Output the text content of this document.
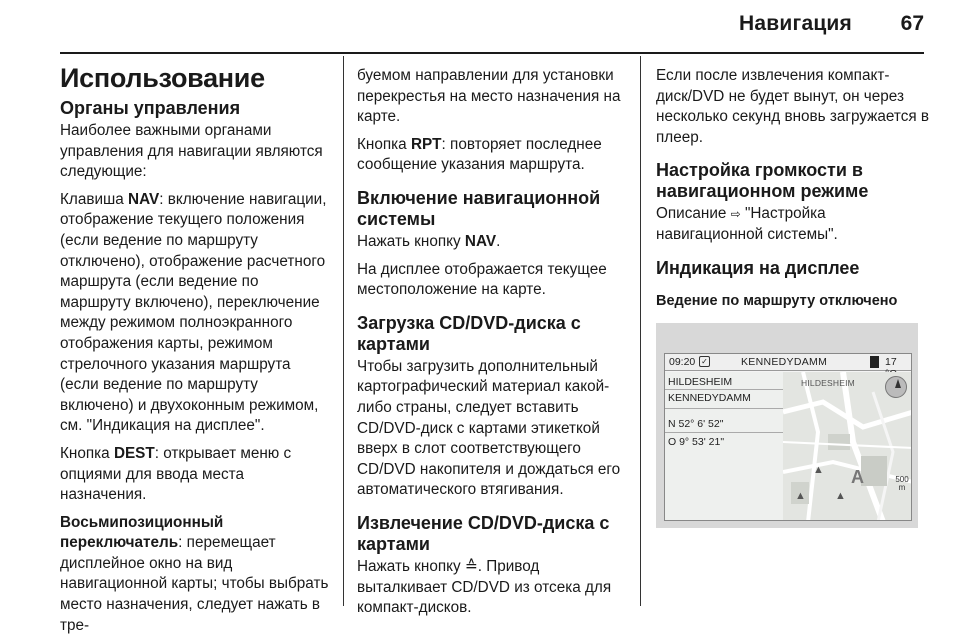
Навигация 67
Использование
Органы управления

Наиболее важными органами управления для навигации являются следующие:

Клавиша NAV: включение навигации, отображение текущего положения (если ведение по маршруту отключено), отображение расчетного маршрута (если ведение по маршруту включено), переключение между режимом полноэкранного отображения карты, режимом стрелочного указания маршрута (если ведение по маршруту включено) и двухоконным режимом, см. "Индикация на дисплее".

Кнопка DEST: открывает меню с опциями для ввода места назначения.

Восьмипозиционный переключатель: перемещает дисплейное окно на вид навигационной карты; чтобы выбрать место назначения, следует нажать в тре-

буемом направлении для установки перекрестья на место назначения на карте.

Кнопка RPT: повторяет последнее сообщение указания маршрута.

Включение навигационной системы

Нажать кнопку NAV.

На дисплее отображается текущее местоположение на карте.

Загрузка CD/DVD-диска с картами

Чтобы загрузить дополнительный картографический материал какой-либо страны, следует вставить CD/DVD-диск с картами этикеткой вверх в слот соответствующего CD/DVD накопителя и дождаться его автоматического втягивания.

Извлечение CD/DVD-диска с картами

Нажать кнопку ≙. Привод выталкивает CD/DVD из отсека для компакт-дисков.

Если после извлечения компакт-диск/DVD не будет вынут, он через несколько секунд вновь загружается в плеер.

Настройка громкости в навигационном режиме

Описание ⇨ "Настройка навигационной системы".

Индикация на дисплее
Ведение по маршруту отключено
09:20 ✓	KENNEDYDAMM	17
HILDESHEIM
KENNEDYDAMM
N 52° 6' 52"
O 9° 53' 21"
HILDESHEIM
A
▲
▲	▲
500 m
